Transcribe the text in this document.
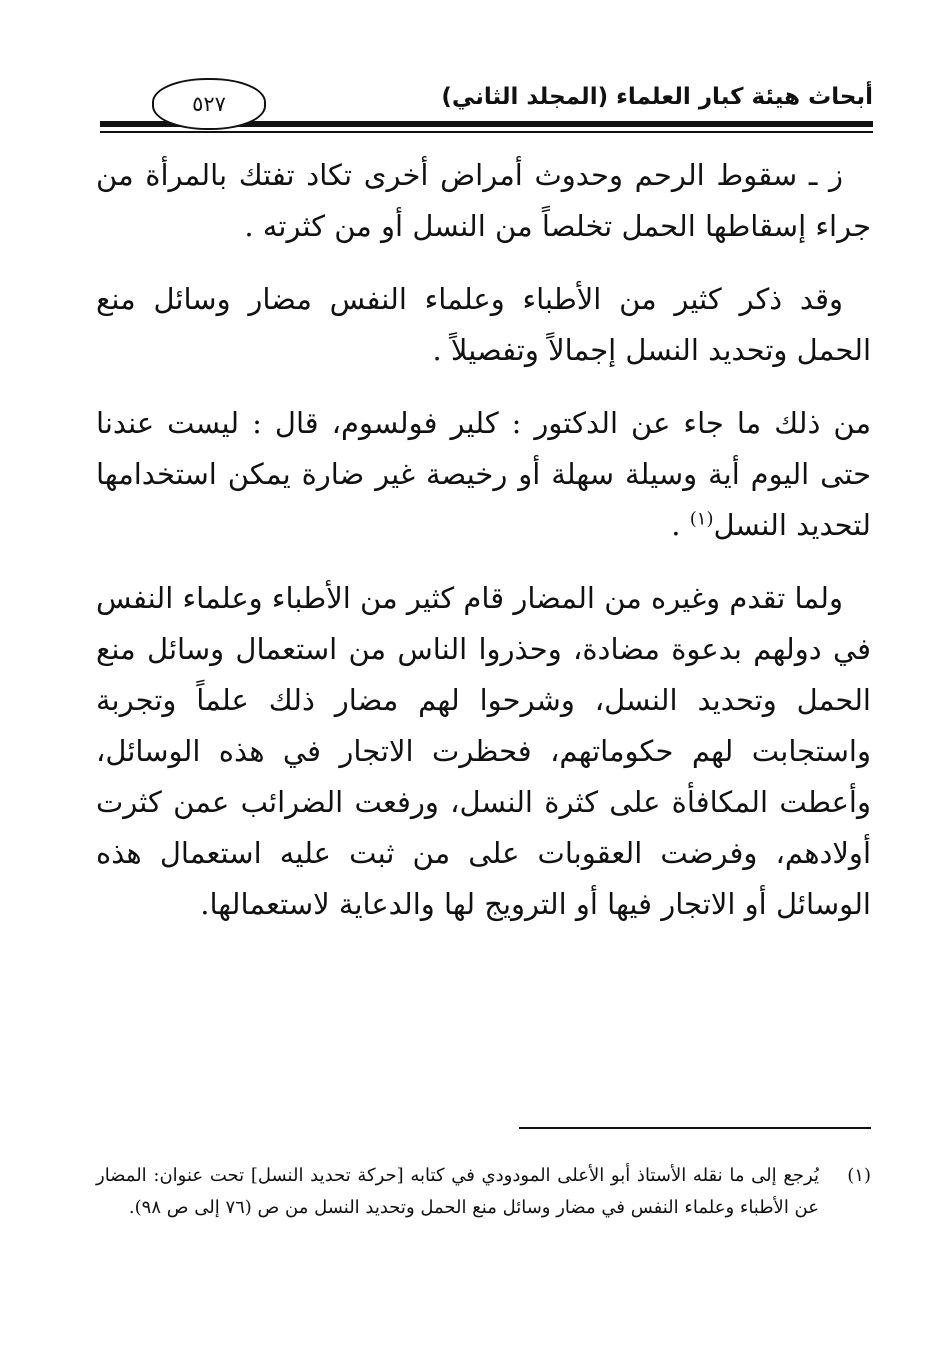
٥٢٧	أبحاث هيئة كبار العلماء (المجلد الثاني)

ز ـ سقوط الرحم وحدوث أمراض أخرى تكاد تفتك بالمرأة من جراء إسقاطها الحمل تخلصاً من النسل أو من كثرته .

وقد ذكر كثير من الأطباء وعلماء النفس مضار وسائل منع الحمل وتحديد النسل إجمالاً وتفصيلاً .

من ذلك ما جاء عن الدكتور : كلير فولسوم، قال : ليست عندنا حتى اليوم أية وسيلة سهلة أو رخيصة غير ضارة يمكن استخدامها لتحديد النسل$^{(١)}$ .

ولما تقدم وغيره من المضار قام كثير من الأطباء وعلماء النفس في دولهم بدعوة مضادة، وحذروا الناس من استعمال وسائل منع الحمل وتحديد النسل، وشرحوا لهم مضار ذلك علماً وتجربة واستجابت لهم حكوماتهم، فحظرت الاتجار في هذه الوسائل، وأعطت المكافأة على كثرة النسل، ورفعت الضرائب عمن كثرت أولادهم، وفرضت العقوبات على من ثبت عليه استعمال هذه الوسائل أو الاتجار فيها أو الترويج لها والدعاية لاستعمالها.

(١)
يُرجع إلى ما نقله الأستاذ أبو الأعلى المودودي في كتابه [حركة تحديد النسل] تحت عنوان: المضار عن الأطباء وعلماء النفس في مضار وسائل منع الحمل وتحديد النسل من ص (٧٦ إلى ص ٩٨).
